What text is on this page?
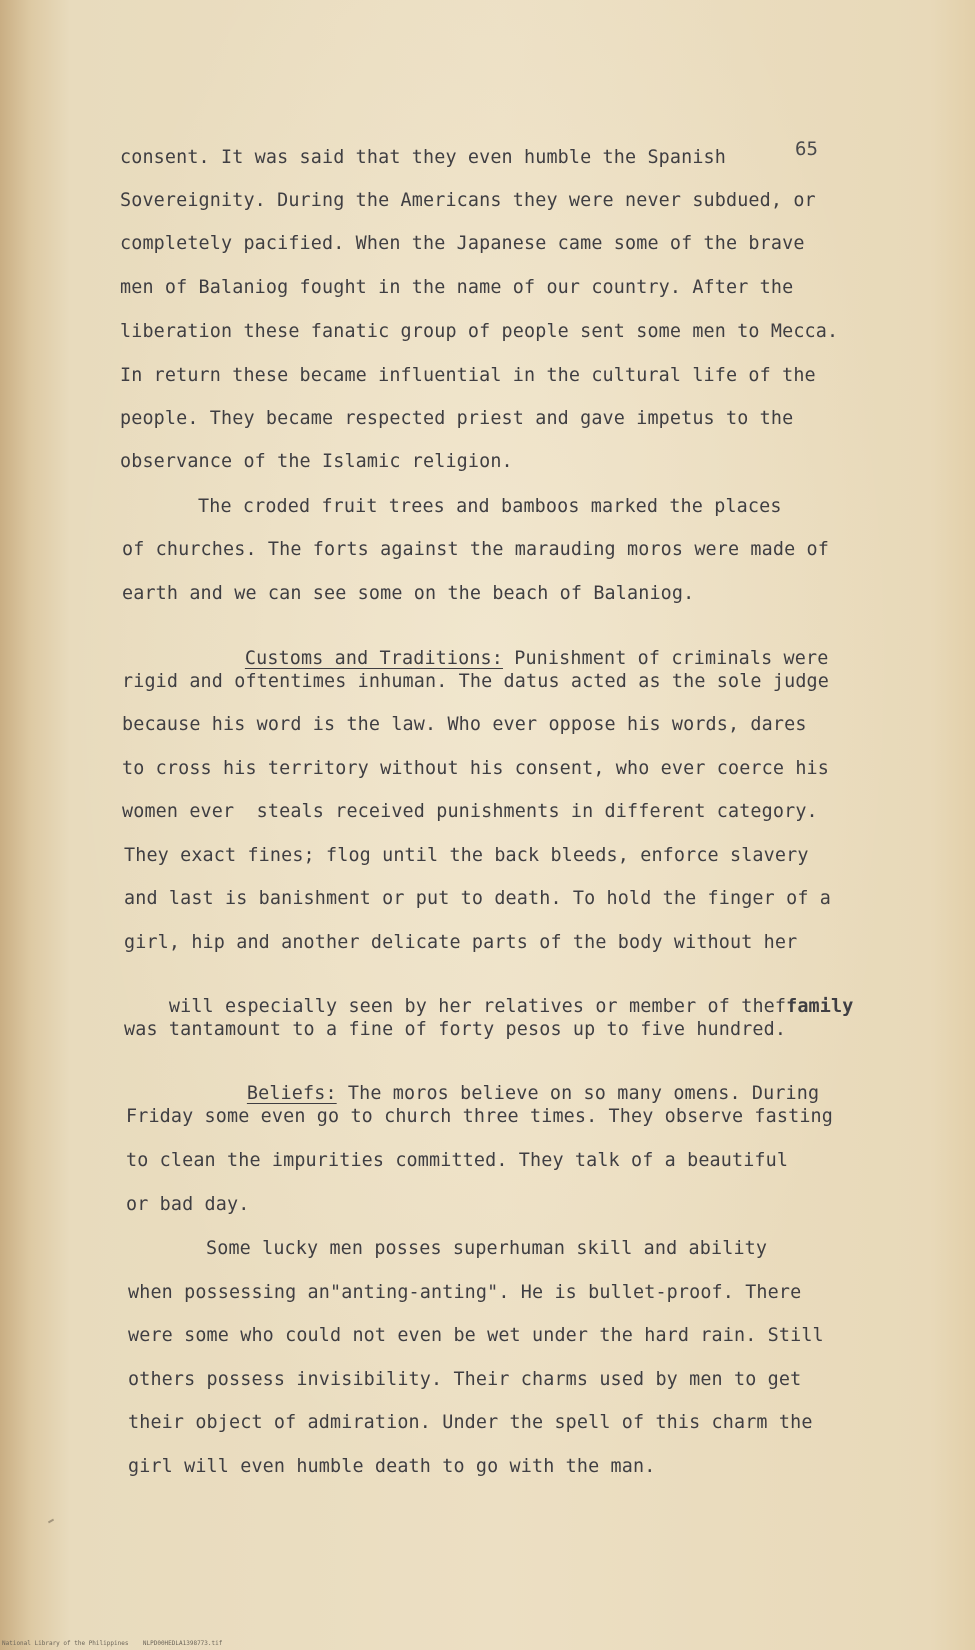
65
consent. It was said that they even humble the Spanish
Sovereignity. During the Americans they were never subdued, or
completely pacified. When the Japanese came some of the brave
men of Balaniog fought in the name of our country. After the
liberation these fanatic group of people sent some men to Mecca.
In return these became influential in the cultural life of the
people. They became respected priest and gave impetus to the
observance of the Islamic religion.
The croded fruit trees and bamboos marked the places
of churches. The forts against the marauding moros were made of
earth and we can see some on the beach of Balaniog.

Customs and Traditions: Punishment of criminals were

rigid and oftentimes inhuman. The datus acted as the sole judge
because his word is the law. Who ever oppose his words, dares
to cross his territory without his consent, who ever coerce his
women ever  steals received punishments in different category.
They exact fines; flog until the back bleeds, enforce slavery
and last is banishment or put to death. To hold the finger of a
girl, hip and another delicate parts of the body without her

will especially seen by her relatives or member of theffamily

was tantamount to a fine of forty pesos up to five hundred.

Beliefs: The moros believe on so many omens. During

Friday some even go to church three times. They observe fasting
to clean the impurities committed. They talk of a beautiful
or bad day.
Some lucky men posses superhuman skill and ability
when possessing an"anting-anting". He is bullet-proof. There
were some who could not even be wet under the hard rain. Still
others possess invisibility. Their charms used by men to get
their object of admiration. Under the spell of this charm the
girl will even humble death to go with the man.
National Library of the Philippines    NLPD00HEDLA1398773.tif
